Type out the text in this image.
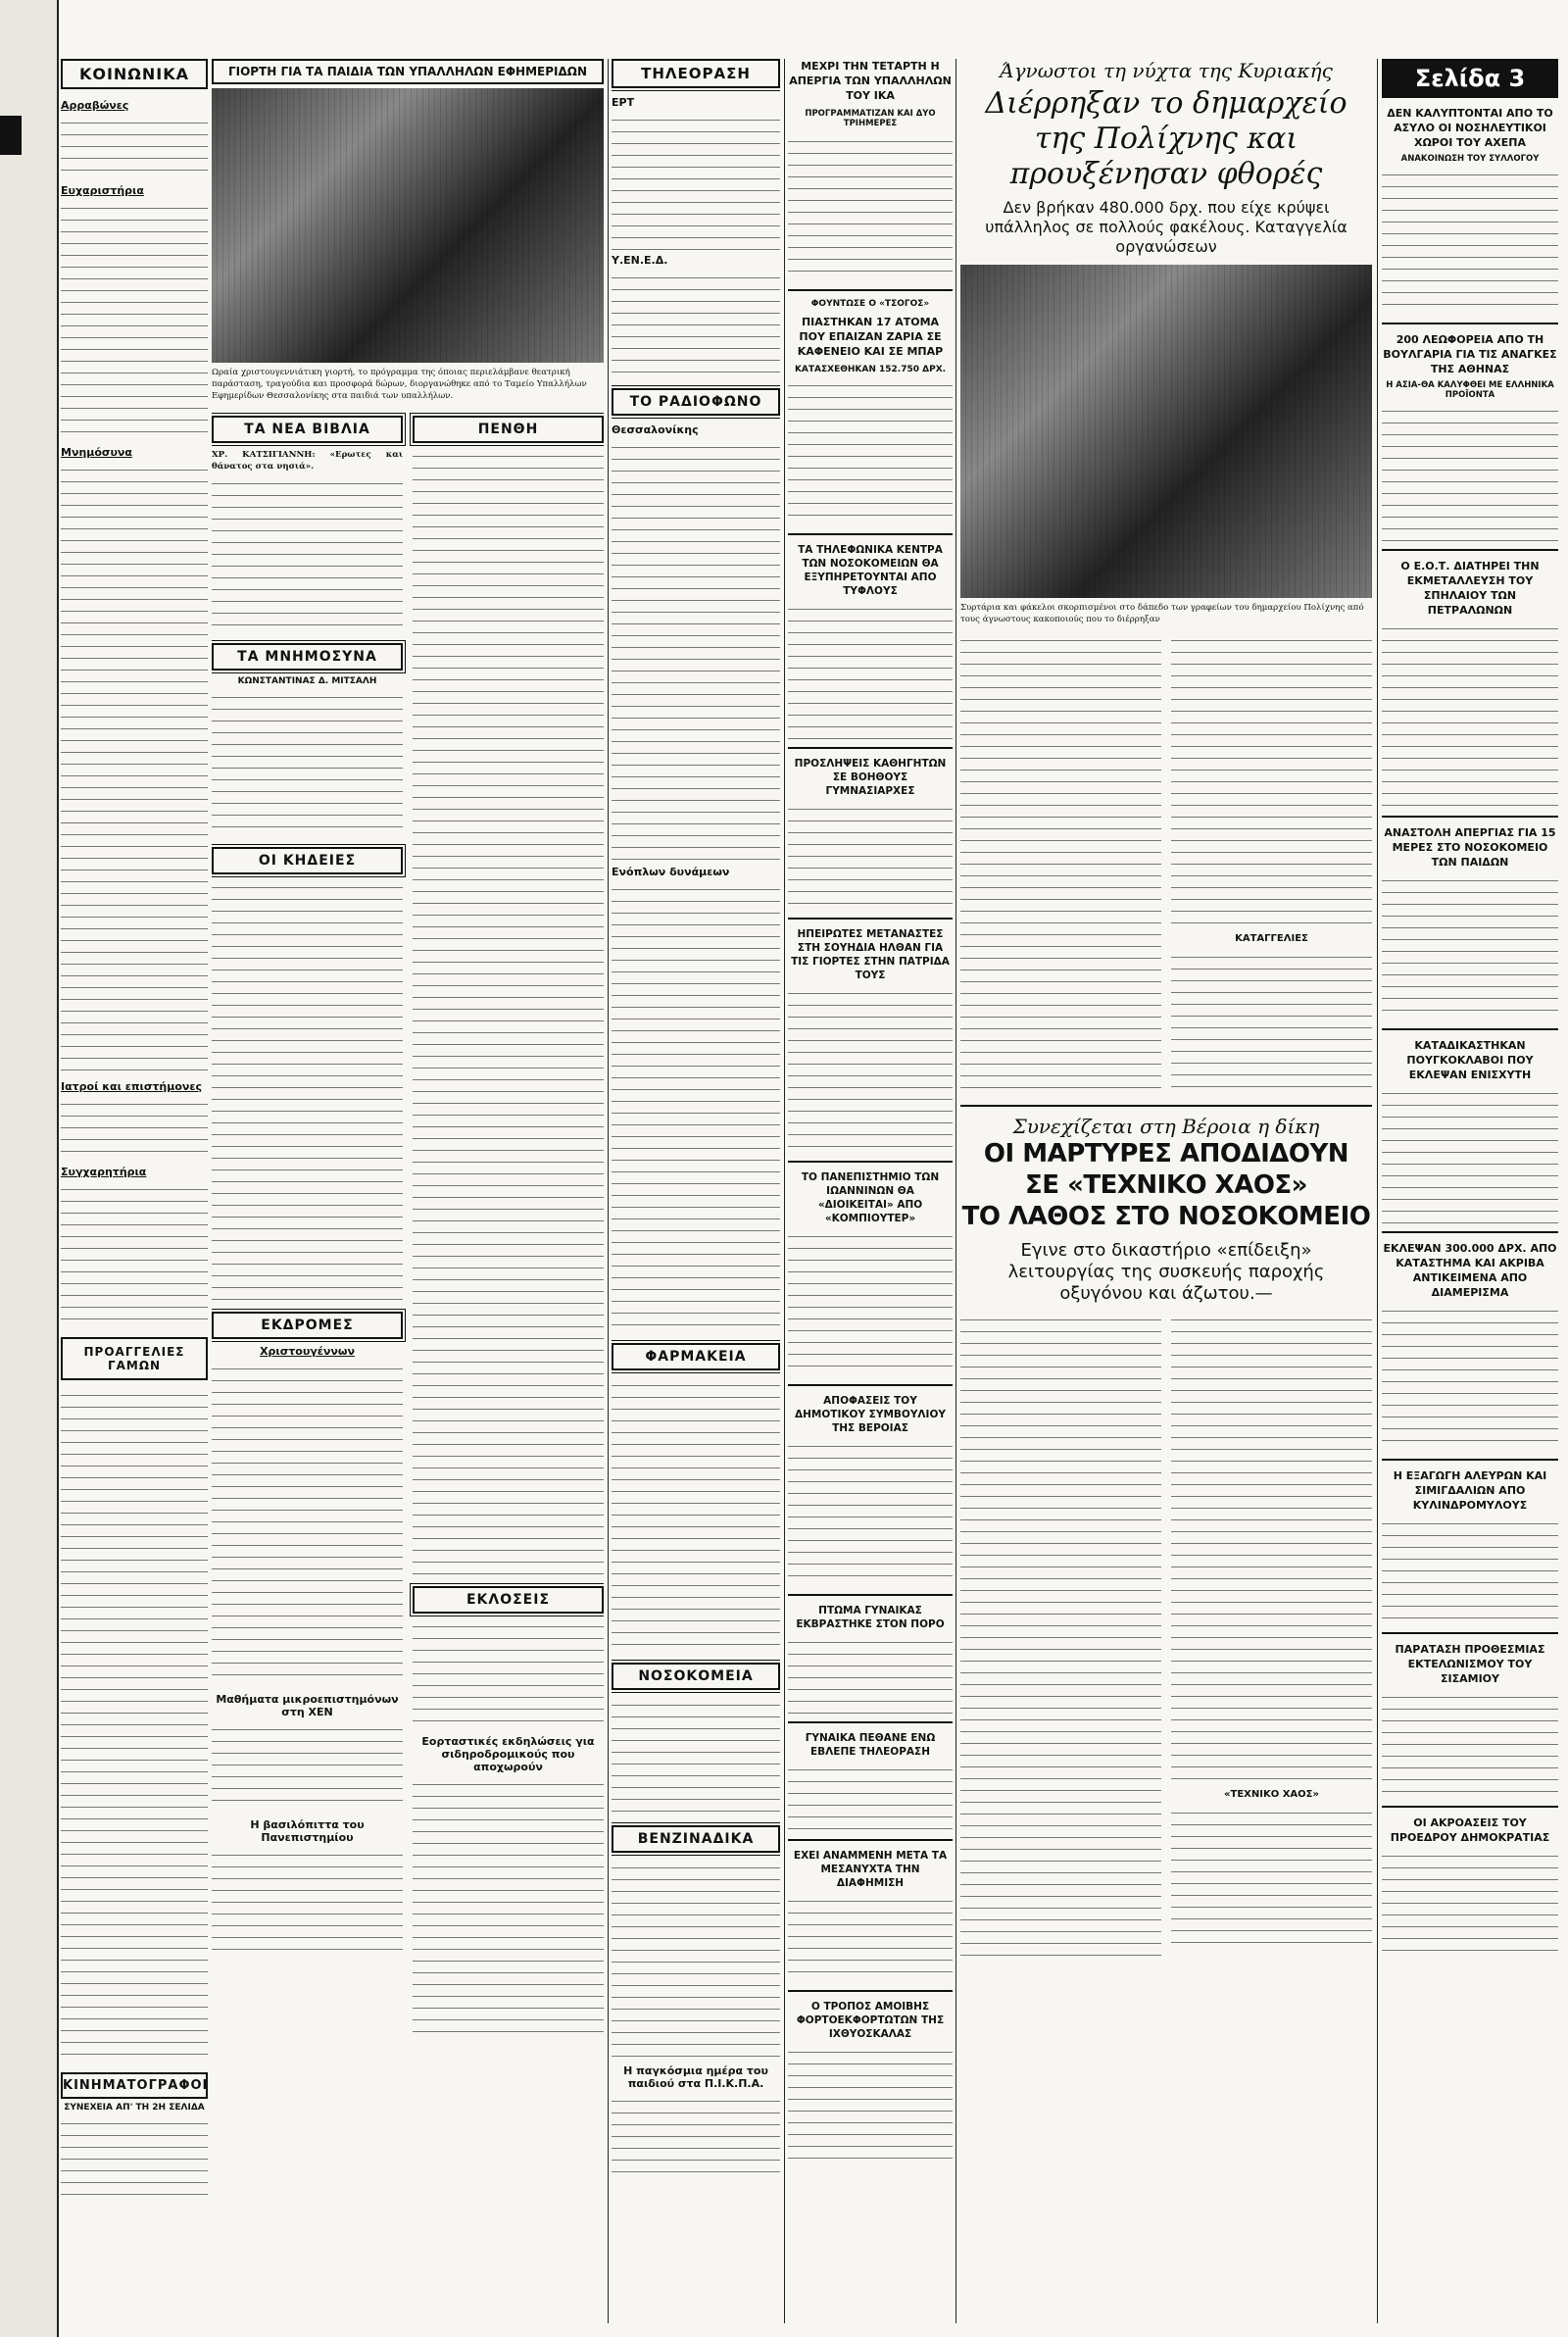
ΚΟΙΝΩΝΙΚΑ
Αρραβώνες
Ευχαριστήρια
Μνημόσυνα
Ιατροί και επιστήμονες
Συγχαρητήρια
ΠΡΟΑΓΓΕΛΙΕΣ ΓΑΜΩΝ
ΚΙΝΗΜΑΤΟΓΡΑΦΟΙ
ΣΥΝΕΧΕΙΑ ΑΠ' ΤΗ 2Η ΣΕΛΙΔΑ
ΓΙΟΡΤΗ ΓΙΑ ΤΑ ΠΑΙΔΙΑ ΤΩΝ ΥΠΑΛΛΗΛΩΝ ΕΦΗΜΕΡΙΔΩΝ
Ωραία χριστουγεννιάτικη γιορτή, το πρόγραμμα της όποιας περιελάμβανε θεατρική παράσταση, τραγούδια και προσφορά δώρων, διοργανώθηκε από το Ταμείο Υπαλλήλων Εφημερίδων Θεσσαλονίκης στα παιδιά των υπαλλήλων.
ΤΑ ΝΕΑ ΒΙΒΛΙΑ
ΧΡ. ΚΑΤΣΙΓΙΑΝΝΗ: «Ερωτες και θάνατος στα νησιά».
ΤΑ ΜΝΗΜΟΣΥΝΑ
ΚΩΝΣΤΑΝΤΙΝΑΣ Δ. ΜΙΤΣΑΛΗ
ΟΙ ΚΗΔΕΙΕΣ
ΕΚΔΡΟΜΕΣ
Χριστουγέννων
Μαθήματα μικροεπιστημόνων στη ΧΕΝ
Η βασιλόπιττα του Πανεπιστημίου
ΠΕΝΘΗ
ΕΚΛΟΣΕΙΣ
Εορταστικές εκδηλώσεις για σιδηροδρομικούς που αποχωρούν
ΤΗΛΕΟΡΑΣΗ
ΕΡΤ
Υ.ΕΝ.Ε.Δ.
ΤΟ ΡΑΔΙΟΦΩΝΟ
Θεσσαλονίκης
Ενόπλων δυνάμεων
ΦΑΡΜΑΚΕΙΑ
ΝΟΣΟΚΟΜΕΙΑ
ΒΕΝΖΙΝΑΔΙΚΑ
Η παγκόσμια ημέρα του παιδιού στα Π.Ι.Κ.Π.Α.
ΜΕΧΡΙ ΤΗΝ ΤΕΤΑΡΤΗ Η ΑΠΕΡΓΙΑ ΤΩΝ ΥΠΑΛΛΗΛΩΝ ΤΟΥ ΙΚΑ
ΠΡΟΓΡΑΜΜΑΤΙΖΑΝ ΚΑΙ ΔΥΟ ΤΡΙΗΜΕΡΕΣ
ΦΟΥΝΤΩΣΕ Ο «ΤΣΟΓΟΣ»
ΠΙΑΣΤΗΚΑΝ 17 ΑΤΟΜΑ ΠΟΥ ΕΠΑΙΖΑΝ ΖΑΡΙΑ ΣΕ ΚΑΦΕΝΕΙΟ ΚΑΙ ΣΕ ΜΠΑΡ
ΚΑΤΑΣΧΕΘΗΚΑΝ 152.750 ΔΡΧ.
ΤΑ ΤΗΛΕΦΩΝΙΚΑ ΚΕΝΤΡΑ ΤΩΝ ΝΟΣΟΚΟΜΕΙΩΝ ΘΑ ΕΞΥΠΗΡΕΤΟΥΝΤΑΙ ΑΠΟ ΤΥΦΛΟΥΣ
ΠΡΟΣΛΗΨΕΙΣ ΚΑΘΗΓΗΤΩΝ ΣΕ ΒΟΗΘΟΥΣ ΓΥΜΝΑΣΙΑΡΧΕΣ
ΗΠΕΙΡΩΤΕΣ ΜΕΤΑΝΑΣΤΕΣ ΣΤΗ ΣΟΥΗΔΙΑ ΗΛΘΑΝ ΓΙΑ ΤΙΣ ΓΙΟΡΤΕΣ ΣΤΗΝ ΠΑΤΡΙΔΑ ΤΟΥΣ
ΤΟ ΠΑΝΕΠΙΣΤΗΜΙΟ ΤΩΝ ΙΩΑΝΝΙΝΩΝ ΘΑ «ΔΙΟΙΚΕΙΤΑΙ» ΑΠΟ «ΚΟΜΠΙΟΥΤΕΡ»
ΑΠΟΦΑΣΕΙΣ ΤΟΥ ΔΗΜΟΤΙΚΟΥ ΣΥΜΒΟΥΛΙΟΥ ΤΗΣ ΒΕΡΟΙΑΣ
ΠΤΩΜΑ ΓΥΝΑΙΚΑΣ ΕΚΒΡΑΣΤΗΚΕ ΣΤΟΝ ΠΟΡΟ
ΓΥΝΑΙΚΑ ΠΕΘΑΝΕ ΕΝΩ ΕΒΛΕΠΕ ΤΗΛΕΟΡΑΣΗ
ΕΧΕΙ ΑΝΑΜΜΕΝΗ ΜΕΤΑ ΤΑ ΜΕΣΑΝΥΧΤΑ ΤΗΝ ΔΙΑΦΗΜΙΣΗ
Ο ΤΡΟΠΟΣ ΑΜΟΙΒΗΣ ΦΟΡΤΟΕΚΦΟΡΤΩΤΩΝ ΤΗΣ ΙΧΘΥΟΣΚΑΛΑΣ
Άγνωστοι τη νύχτα της Κυριακής
Διέρρηξαν το δημαρχείο της Πολίχνης και προυξένησαν φθορές
Δεν βρήκαν 480.000 δρχ. που είχε κρύψει υπάλληλος σε πολλούς φακέλους. Καταγγελία οργανώσεων
Συρτάρια και φάκελοι σκορπισμένοι στο δάπεδο των γραφείων του δημαρχείου Πολίχνης από τους άγνωστους κακοποιούς που το διέρρηξαν
ΚΑΤΑΓΓΕΛΙΕΣ
Συνεχίζεται στη Βέροια η δίκη
ΟΙ ΜΑΡΤΥΡΕΣ ΑΠΟΔΙΔΟΥΝ
ΣΕ «ΤΕΧΝΙΚΟ ΧΑΟΣ»
ΤΟ ΛΑΘΟΣ ΣΤΟ ΝΟΣΟΚΟΜΕΙΟ
Εγινε στο δικαστήριο «επίδειξη» λειτουργίας της συσκευής παροχής οξυγόνου και άζωτου.—
«ΤΕΧΝΙΚΟ ΧΑΟΣ»
Σελίδα 3
ΔΕΝ ΚΑΛΥΠΤΟΝΤΑΙ ΑΠΟ ΤΟ ΑΣΥΛΟ ΟΙ ΝΟΣΗΛΕΥΤΙΚΟΙ ΧΩΡΟΙ ΤΟΥ ΑΧΕΠΑ
ΑΝΑΚΟΙΝΩΣΗ ΤΟΥ ΣΥΛΛΟΓΟΥ
200 ΛΕΩΦΟΡΕΙΑ ΑΠΟ ΤΗ ΒΟΥΛΓΑΡΙΑ ΓΙΑ ΤΙΣ ΑΝΑΓΚΕΣ ΤΗΣ ΑΘΗΝΑΣ
Η ΑΣΙΑ-ΘΑ ΚΑΛΥΦΘΕΙ ΜΕ ΕΛΛΗΝΙΚΑ ΠΡΟΪΟΝΤΑ
Ο Ε.Ο.Τ. ΔΙΑΤΗΡΕΙ ΤΗΝ ΕΚΜΕΤΑΛΛΕΥΣΗ ΤΟΥ ΣΠΗΛΑΙΟΥ ΤΩΝ ΠΕΤΡΑΛΩΝΩΝ
ΑΝΑΣΤΟΛΗ ΑΠΕΡΓΙΑΣ ΓΙΑ 15 ΜΕΡΕΣ ΣΤΟ ΝΟΣΟΚΟΜΕΙΟ ΤΩΝ ΠΑΙΔΩΝ
ΚΑΤΑΔΙΚΑΣΤΗΚΑΝ ΠΟΥΓΚΟΚΛΑΒΟΙ ΠΟΥ ΕΚΛΕΨΑΝ ΕΝΙΣΧΥΤΗ
ΕΚΛΕΨΑΝ 300.000 ΔΡΧ. ΑΠΟ ΚΑΤΑΣΤΗΜΑ ΚΑΙ ΑΚΡΙΒΑ ΑΝΤΙΚΕΙΜΕΝΑ ΑΠΟ ΔΙΑΜΕΡΙΣΜΑ
Η ΕΞΑΓΩΓΗ ΑΛΕΥΡΩΝ ΚΑΙ ΣΙΜΙΓΔΑΛΙΩΝ ΑΠΟ ΚΥΛΙΝΔΡΟΜΥΛΟΥΣ
ΠΑΡΑΤΑΣΗ ΠΡΟΘΕΣΜΙΑΣ ΕΚΤΕΛΩΝΙΣΜΟΥ ΤΟΥ ΣΙΣΑΜΙΟΥ
ΟΙ ΑΚΡΟΑΣΕΙΣ ΤΟΥ ΠΡΟΕΔΡΟΥ ΔΗΜΟΚΡΑΤΙΑΣ
